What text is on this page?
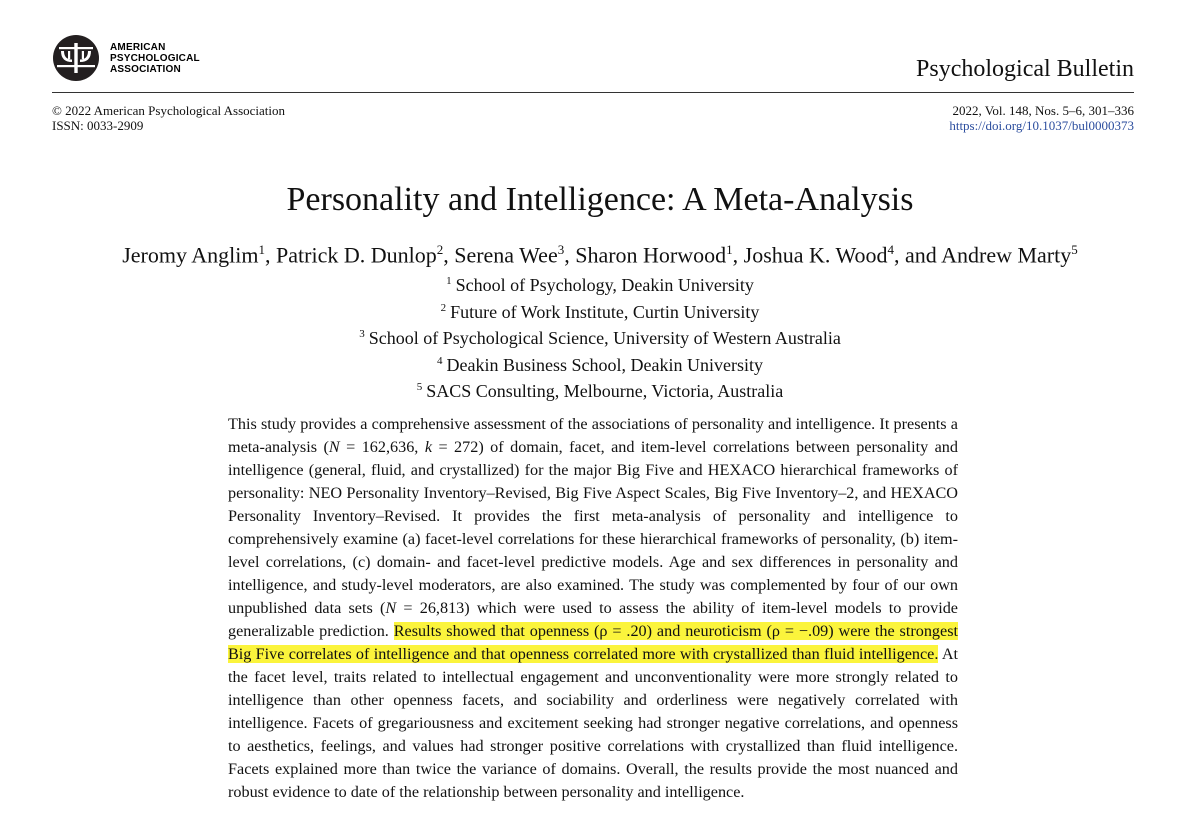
AMERICAN
PSYCHOLOGICAL
ASSOCIATION	Psychological Bulletin
© 2022 American Psychological Association
ISSN: 0033-2909
2022, Vol. 148, Nos. 5–6, 301–336
https://doi.org/10.1037/bul0000373
Personality and Intelligence: A Meta-Analysis

Jeromy Anglim$^1$, Patrick D. Dunlop$^2$, Serena Wee$^3$, Sharon Horwood$^1$, Joshua K. Wood$^4$, and Andrew Marty$^5$

$^1$ School of Psychology, Deakin University
$^2$ Future of Work Institute, Curtin University
$^3$ School of Psychological Science, University of Western Australia
$^4$ Deakin Business School, Deakin University
$^5$ SACS Consulting, Melbourne, Victoria, Australia

This study provides a comprehensive assessment of the associations of personality and intelligence. It presents a meta-analysis (N = 162,636, k = 272) of domain, facet, and item-level correlations between personality and intelligence (general, fluid, and crystallized) for the major Big Five and HEXACO hierarchical frameworks of personality: NEO Personality Inventory–Revised, Big Five Aspect Scales, Big Five Inventory–2, and HEXACO Personality Inventory–Revised. It provides the first meta-analysis of personality and intelligence to comprehensively examine (a) facet-level correlations for these hierarchical frameworks of personality, (b) item-level correlations, (c) domain- and facet-level predictive models. Age and sex differences in personality and intelligence, and study-level moderators, are also examined. The study was complemented by four of our own unpublished data sets (N = 26,813) which were used to assess the ability of item-level models to provide generalizable prediction. Results showed that openness (ρ = .20) and neuroticism (ρ = −.09) were the strongest Big Five correlates of intelligence and that openness correlated more with crystallized than fluid intelligence. At the facet level, traits related to intellectual engagement and unconventionality were more strongly related to intelligence than other openness facets, and sociability and orderliness were negatively correlated with intelligence. Facets of gregariousness and excitement seeking had stronger negative correlations, and openness to aesthetics, feelings, and values had stronger positive correlations with crystallized than fluid intelligence. Facets explained more than twice the variance of domains. Overall, the results provide the most nuanced and robust evidence to date of the relationship between personality and intelligence.
